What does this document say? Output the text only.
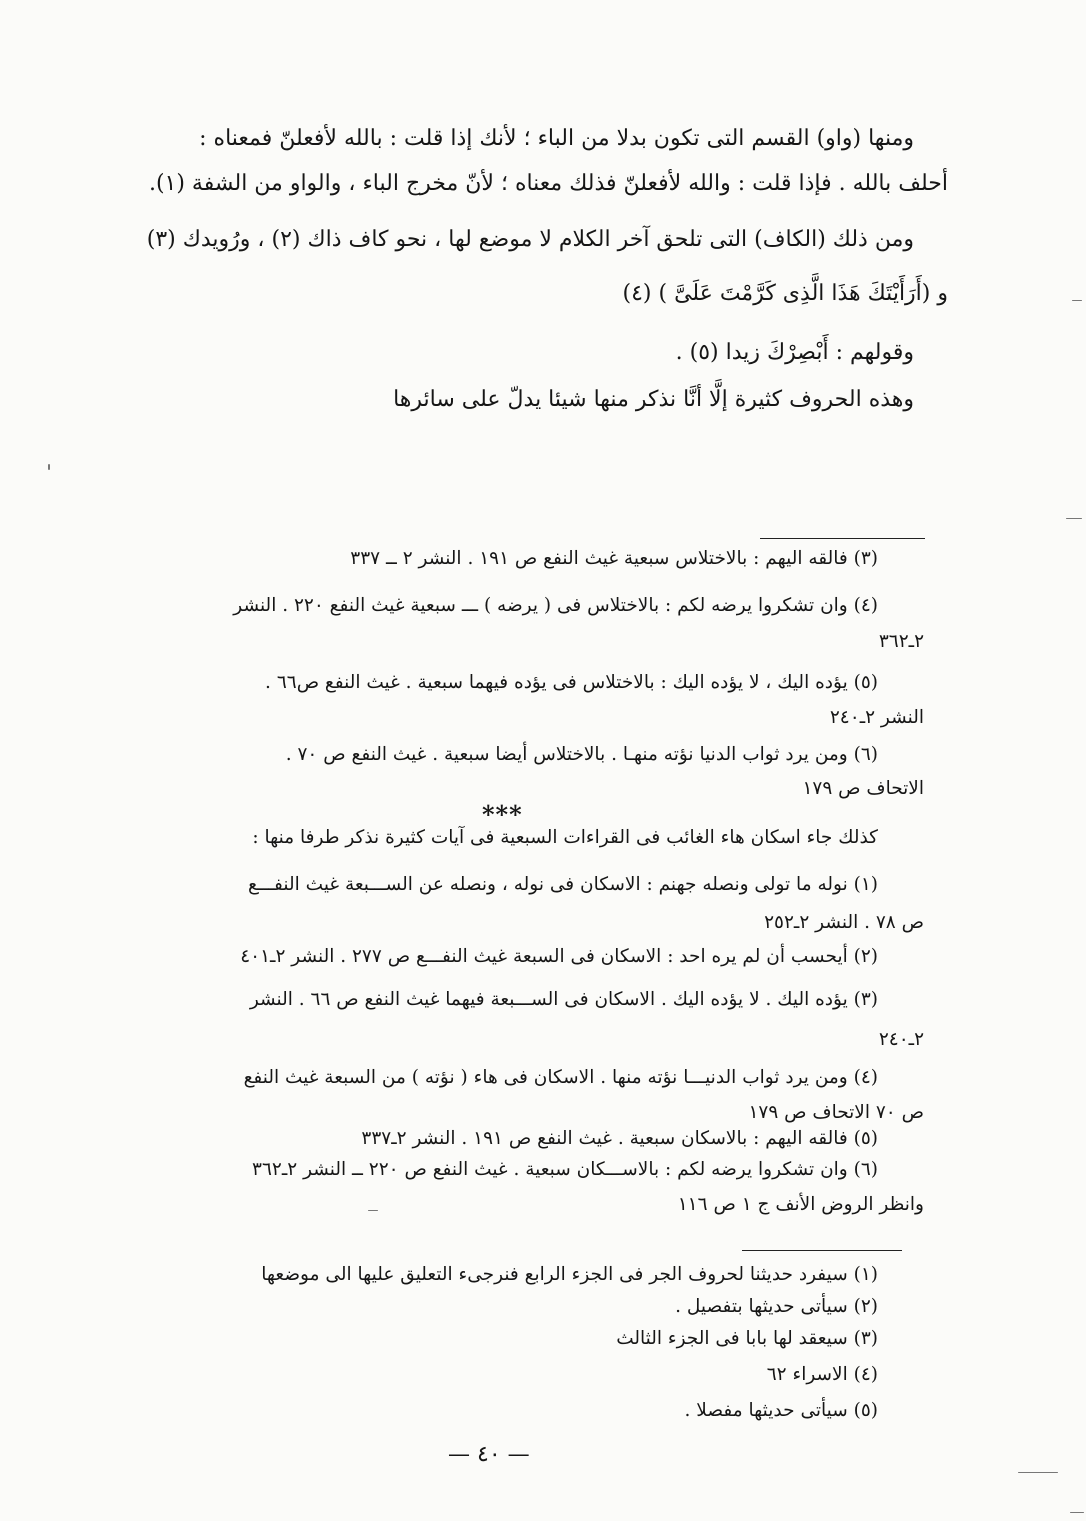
ومنها (واو) القسم التى تكون بدلا من الباء ؛ لأنك إذا قلت : بالله لأفعلنّ فمعناه :
أحلف بالله . فإذا قلت : والله لأفعلنّ فذلك معناه ؛ لأنّ مخرج الباء ، والواو من الشفة (١).
ومن ذلك (الكاف) التى تلحق آخر الكلام لا موضع لها ، نحو كاف ذاك (٢) ، ورُويدك (٣)
و (أَرَأَيْتَكَ هَذَا الَّذِى كَرَّمْتَ عَلَىَّ ) (٤)
وقولهم : أَبْصِرْكَ زيدا (٥) .
وهذه الحروف كثيرة إلَّا أنَّا نذكر منها شيئا يدلّ على سائرها
(٣) فالقه اليهم : بالاختلاس سبعية غيث النفع ص ١٩١ . النشر ٢ ــ ٣٣٧
(٤) وان تشكروا يرضه لكم : بالاختلاس فى ( يرضه ) ـــ سبعية غيث النفع ٢٢٠ . النشر
٢ـ٣٦٢
(٥) يؤده اليك ، لا يؤده اليك : بالاختلاس فى يؤده فيهما سبعية . غيث النفع ص٦٦ .
النشر ٢ـ٢٤٠
(٦) ومن يرد ثواب الدنيا نؤته منهـا . بالاختلاس أيضا سبعية . غيث النفع ص ٧٠ .
الاتحاف ص ١٧٩
***
كذلك جاء اسكان هاء الغائب فى القراءات السبعية فى آيات كثيرة نذكر طرفا منها :
(١) نوله ما تولى ونصله جهنم : الاسكان فى نوله ، ونصله عن الســـبعة غيث النفـــع
ص ٧٨ . النشر ٢ـ٢٥٢
(٢) أيحسب أن لم يره احد : الاسكان فى السبعة غيث النفـــع ص ٢٧٧ . النشر ٢ـ٤٠١
(٣) يؤده اليك . لا يؤده اليك . الاسكان فى الســـبعة فيهما غيث النفع ص ٦٦ . النشر
٢ـ٢٤٠
(٤) ومن يرد ثواب الدنيـــا نؤته منها . الاسكان فى هاء ( نؤته ) من السبعة غيث النفع
ص ٧٠ الاتحاف ص ١٧٩
(٥) فالقه اليهم : بالاسكان سبعية . غيث النفع ص ١٩١ . النشر ٢ـ٣٣٧
(٦) وان تشكروا يرضه لكم : بالاســـكان سبعية . غيث النفع ص ٢٢٠ ــ النشر ٢ـ٣٦٢
وانظر الروض الأنف ج ١ ص ١١٦
(١) سيفرد حديثنا لحروف الجر فى الجزء الرابع فنرجىء التعليق عليها الى موضعها
(٢) سيأتى حديثها بتفصيل .
(٣) سيعقد لها بابا فى الجزء الثالث
(٤) الاسراء ٦٢
(٥) سيأتى حديثها مفصلا .
— ٤٠ —
